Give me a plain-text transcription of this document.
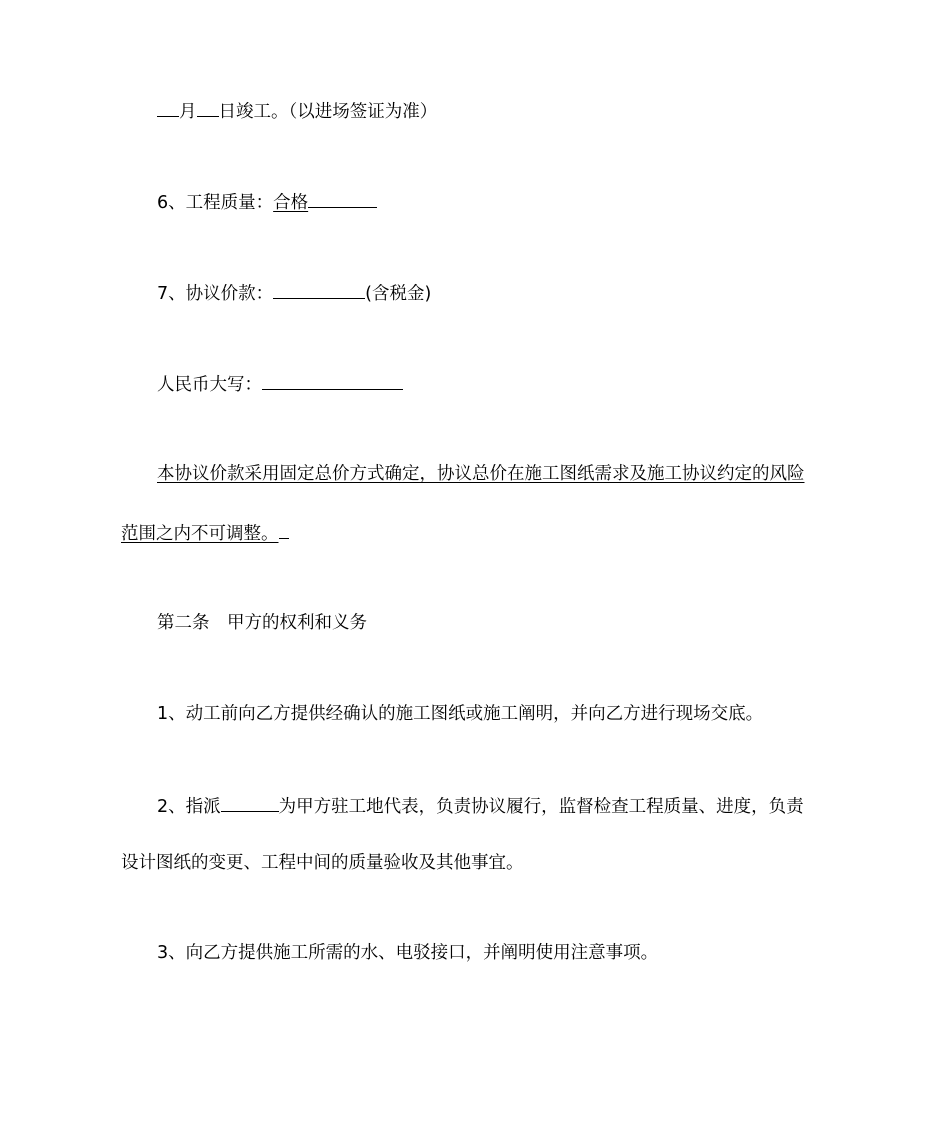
月 日竣工。（以进场签证为准）
6、工程质量：合格
7、协议价款：	(含税金)
人民币大写：
本协议价款采用固定总价方式确定，协议总价在施工图纸需求及施工协议约定的风险
范围之内不可调整。
第二条　甲方的权利和义务
1、动工前向乙方提供经确认的施工图纸或施工阐明，并向乙方进行现场交底。
2、指派	为甲方驻工地代表，负责协议履行，监督检查工程质量、进度，负责
设计图纸的变更、工程中间的质量验收及其他事宜。
3、向乙方提供施工所需的水、电驳接口，并阐明使用注意事项。
